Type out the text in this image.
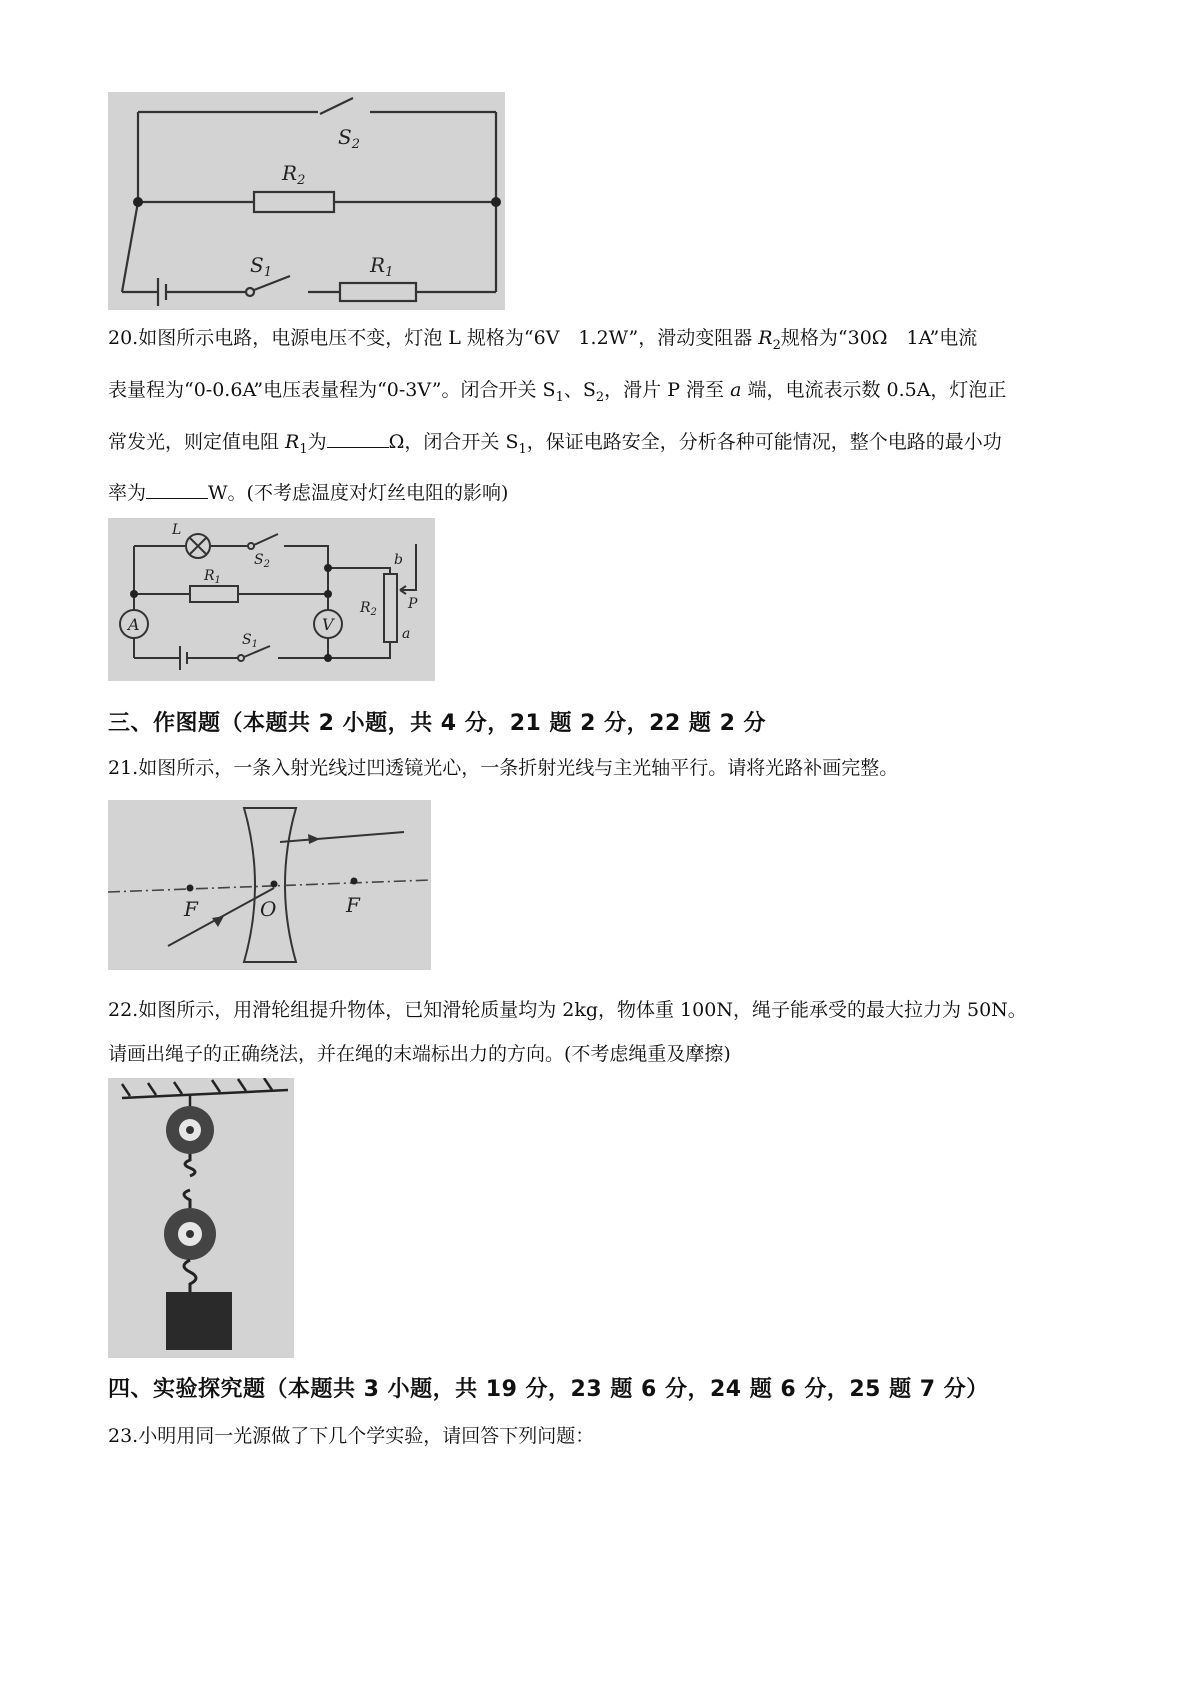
$S_2$
$R_2$
$S_1$	$R_1$
20.如图所示电路，电源电压不变，灯泡 L 规格为“6V　1.2W”，滑动变阻器 $R_2$规格为“30Ω　1A”电流
表量程为“0-0.6A”电压表量程为“0-3V”。闭合开关 $S_1$、$S_2$，滑片 P 滑至 a 端，电流表示数 0.5A，灯泡正
常发光，则定值电阻 $R_1$为	Ω，闭合开关 $S_1$，保证电路安全，分析各种可能情况，整个电路的最小功
率为	W。(不考虑温度对灯丝电阻的影响)
L
$S_2$
$R_1$
A	V
$R_2$
b
P
a
$S_1$
三、作图题（本题共 2 小题，共 4 分，21 题 2 分，22 题 2 分
21.如图所示，一条入射光线过凹透镜光心，一条折射光线与主光轴平行。请将光路补画完整。
F	O	F
22.如图所示，用滑轮组提升物体，已知滑轮质量均为 2kg，物体重 100N，绳子能承受的最大拉力为 50N。
请画出绳子的正确绕法，并在绳的末端标出力的方向。(不考虑绳重及摩擦)
四、实验探究题（本题共 3 小题，共 19 分，23 题 6 分，24 题 6 分，25 题 7 分）
23.小明用同一光源做了下几个学实验，请回答下列问题：
